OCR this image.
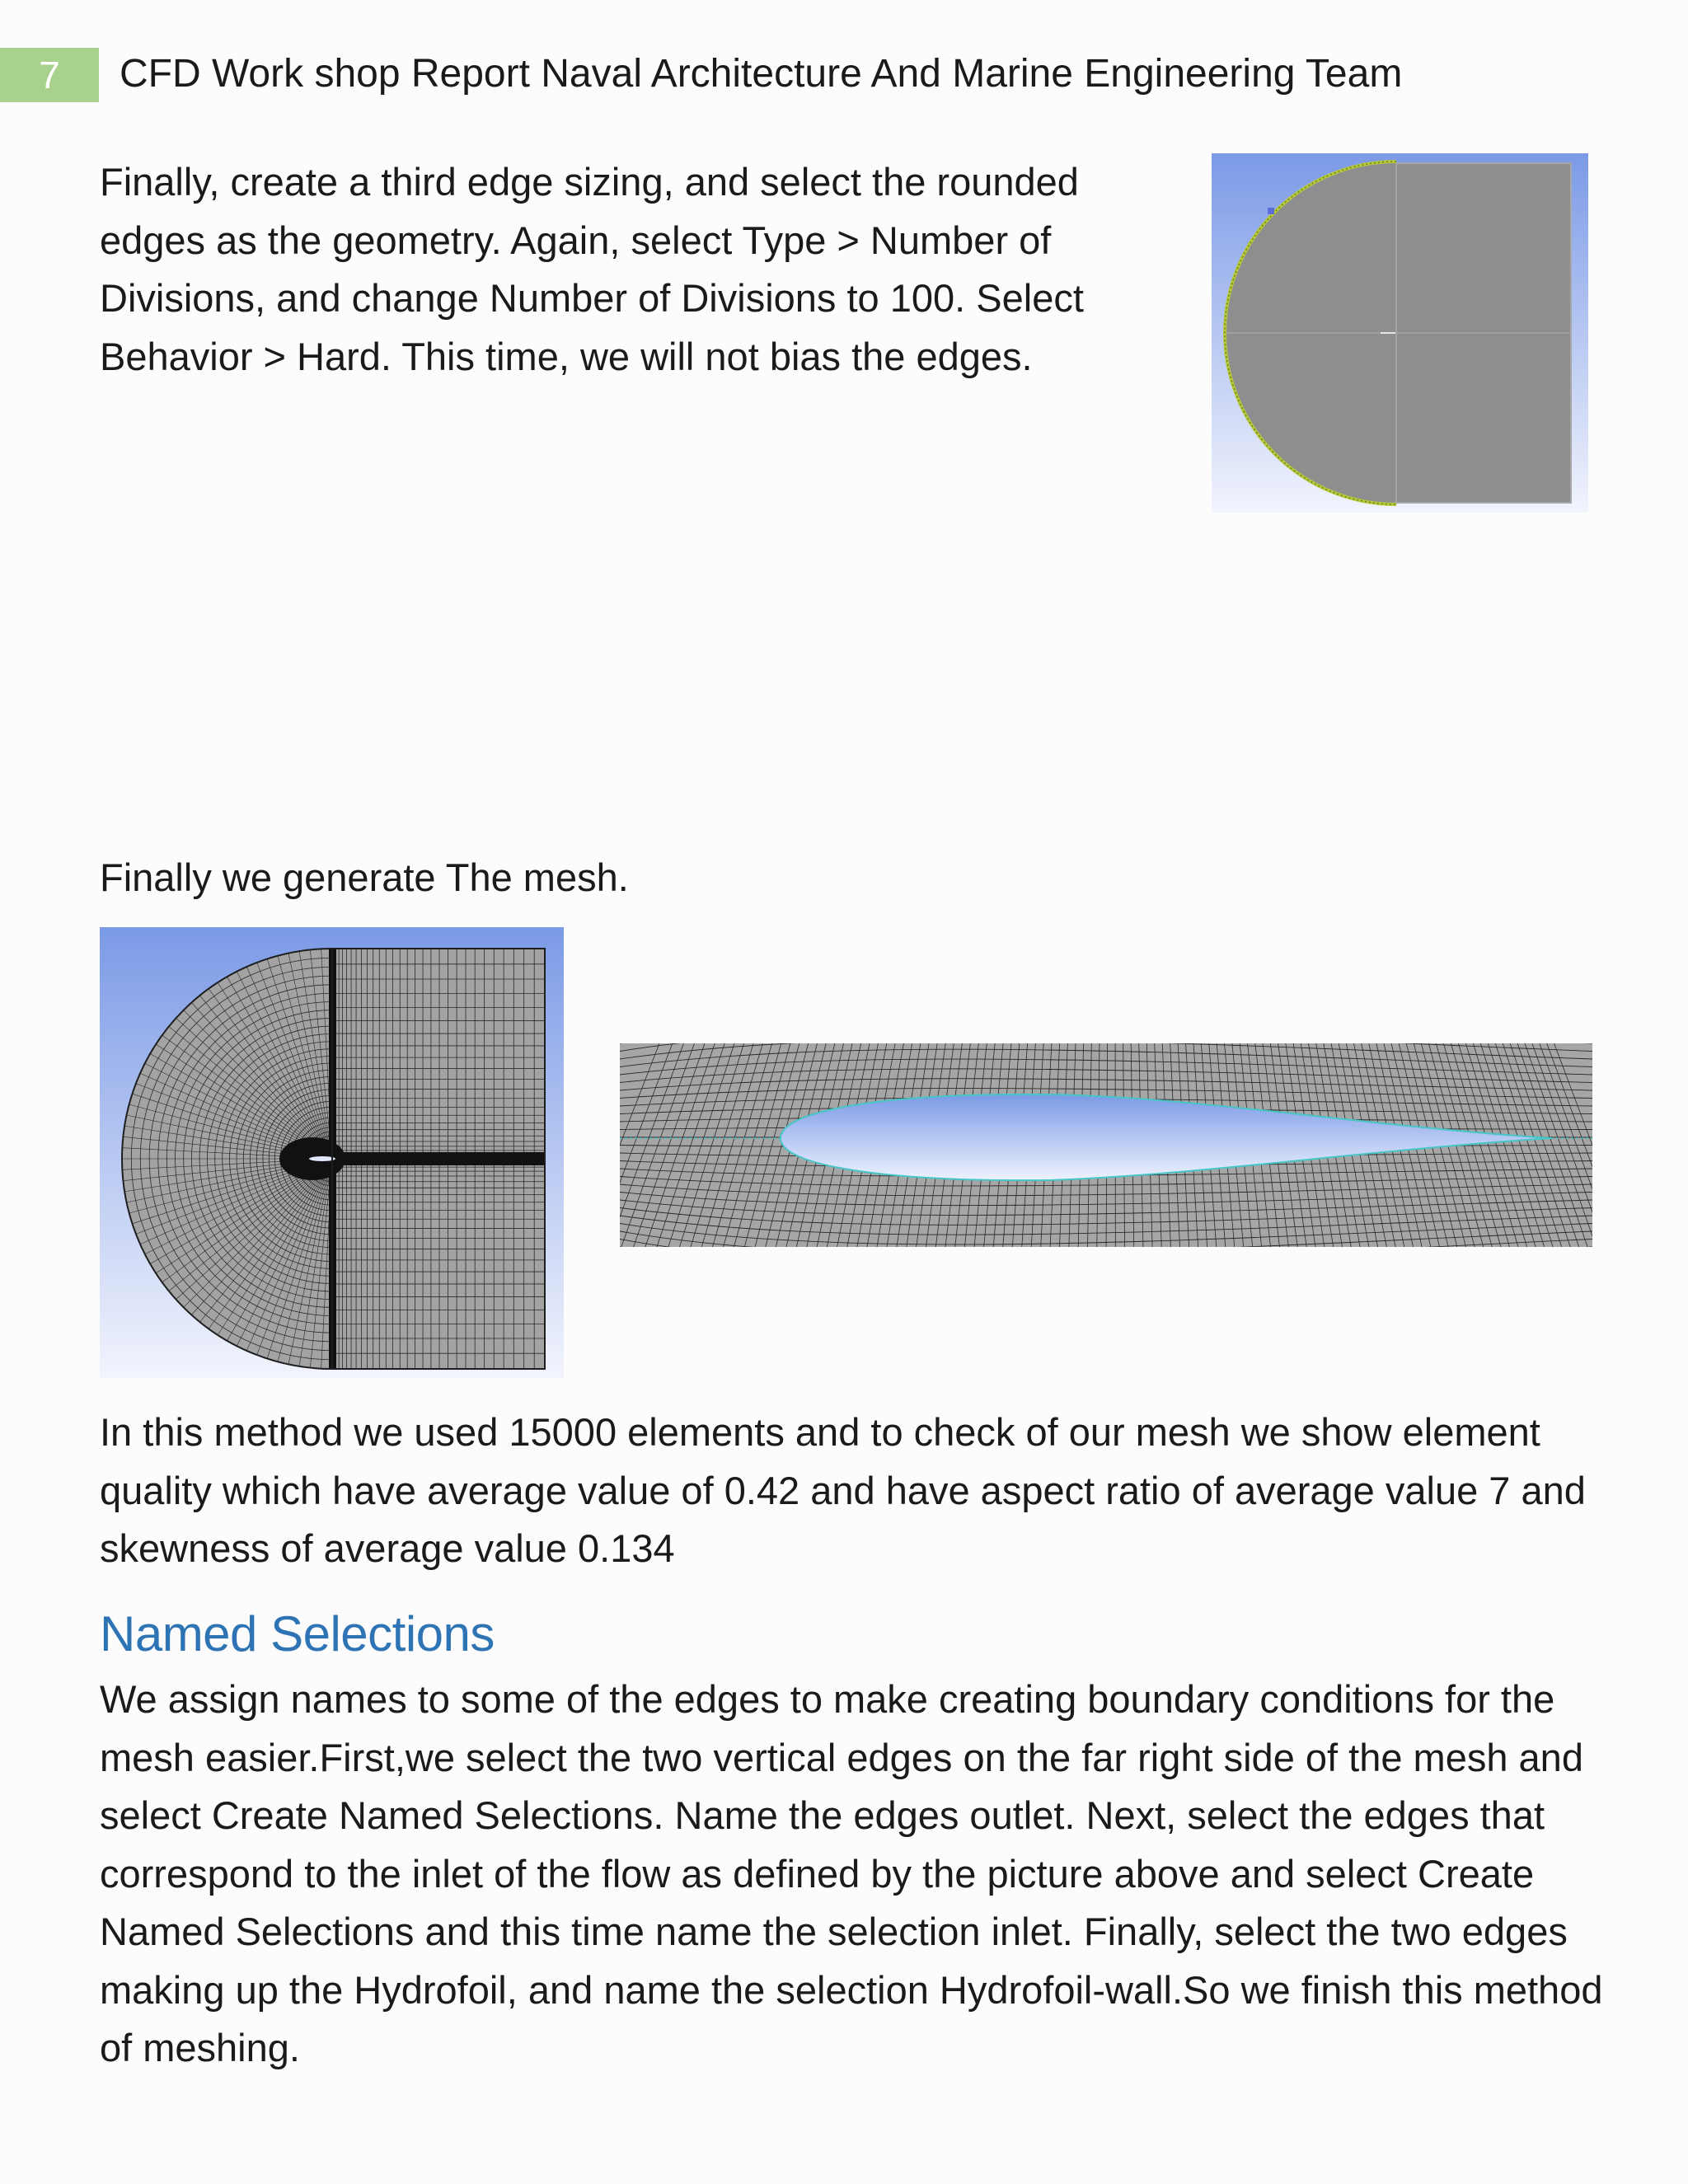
7 CFD Work shop Report Naval Architecture And Marine Engineering Team

Finally, create a third edge sizing, and select the rounded edges as the geometry. Again, select Type > Number of Divisions, and change Number of Divisions to 100. Select Behavior > Hard. This time, we will not bias the edges.

Finally we generate The mesh.

In this method we used 15000 elements and to check of our mesh we show element quality which have average value of 0.42 and have aspect ratio of average value 7 and skewness of average value 0.134

Named Selections

We assign names to some of the edges to make creating boundary conditions for the mesh easier.First,we select the two vertical edges on the far right side of the mesh and select Create Named Selections. Name the edges outlet. Next, select the edges that correspond to the inlet of the flow as defined by the picture above and select Create Named Selections and this time name the selection inlet. Finally, select the two edges making up the Hydrofoil, and name the selection Hydrofoil-wall.So we finish this method of meshing.
